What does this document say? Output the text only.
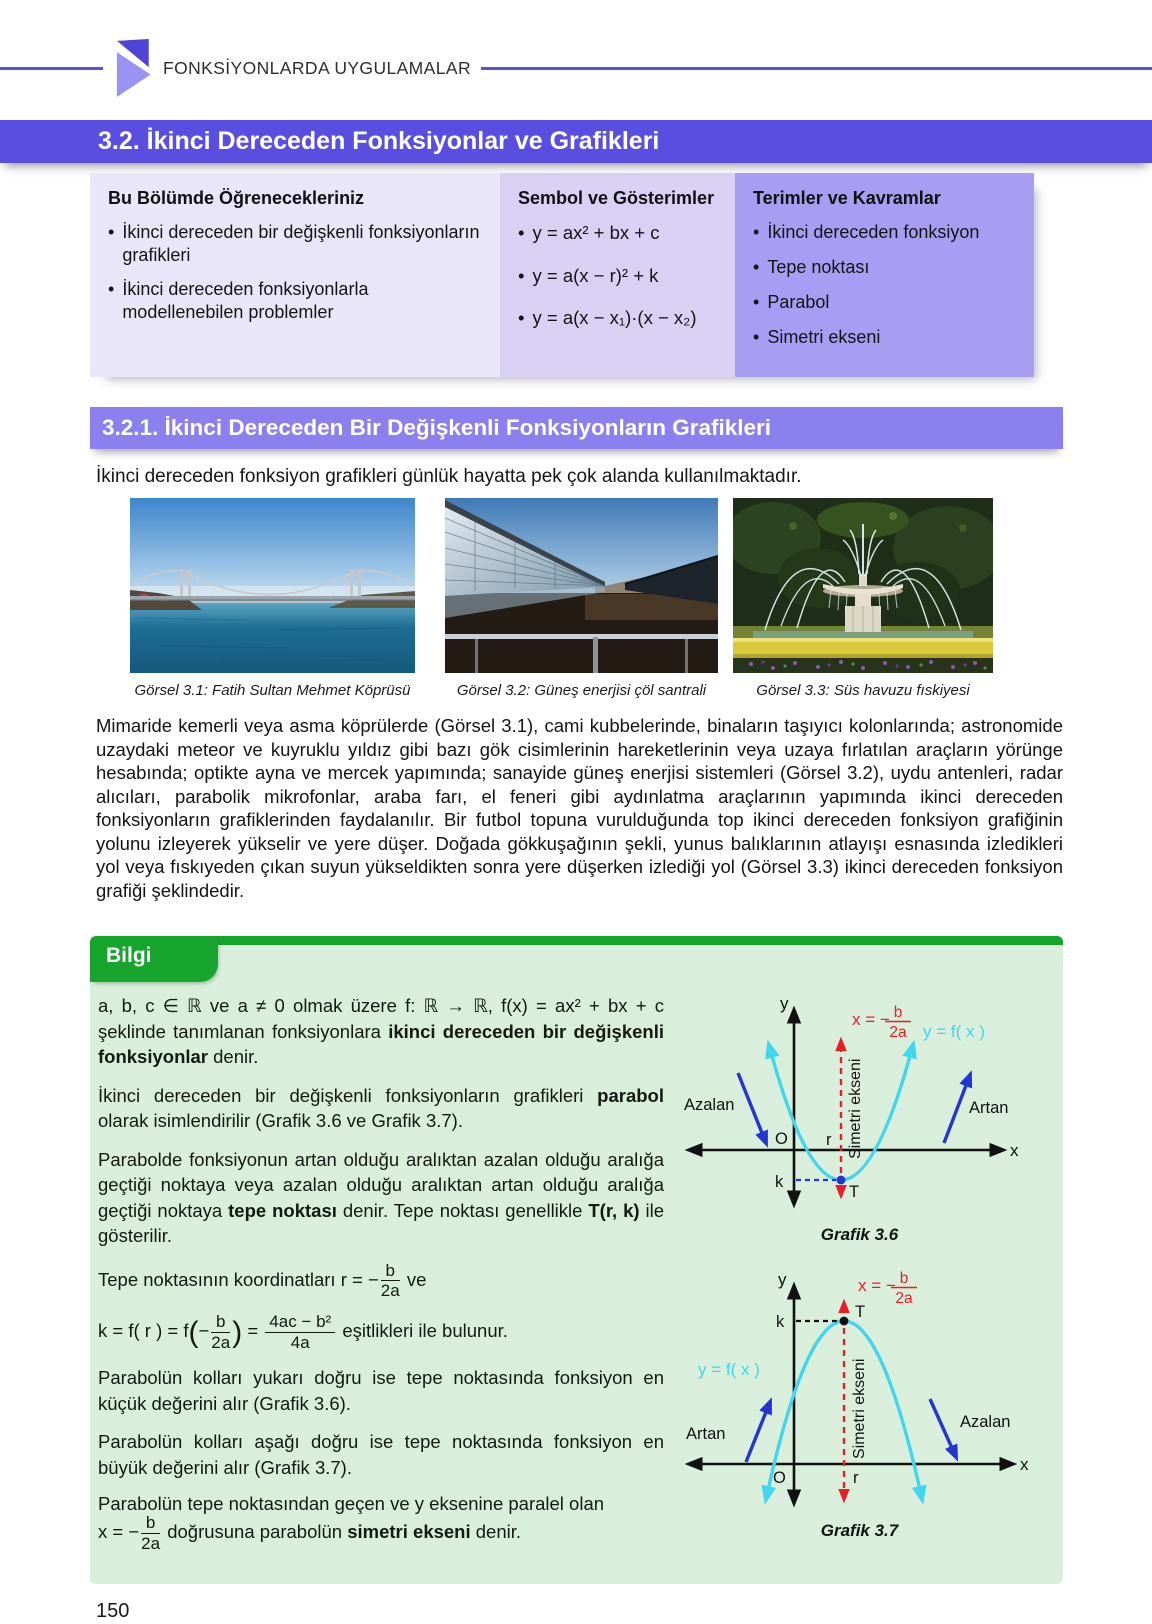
FONKSİYONLARDA UYGULAMALAR
3.2. İkinci Dereceden Fonksiyonlar ve Grafikleri
Bu Bölümde Öğrenecekleriniz
• İkinci dereceden bir değişkenli fonksiyonların grafikleri
• İkinci dereceden fonksiyonlarla modellenebilen problemler
Sembol ve Gösterimler
• y = ax² + bx + c
• y = a(x − r)² + k
• y = a(x − x₁)·(x − x₂)
Terimler ve Kavramlar
• İkinci dereceden fonksiyon
• Tepe noktası
• Parabol
• Simetri ekseni
3.2.1. İkinci Dereceden Bir Değişkenli Fonksiyonların Grafikleri

İkinci dereceden fonksiyon grafikleri günlük hayatta pek çok alanda kullanılmaktadır.

Görsel 3.1: Fatih Sultan Mehmet Köprüsü	Görsel 3.2: Güneş enerjisi çöl santrali	Görsel 3.3: Süs havuzu fıskiyesi

Mimaride kemerli veya asma köprülerde (Görsel 3.1), cami kubbelerinde, binaların taşıyıcı kolonlarında; astronomide uzaydaki meteor ve kuyruklu yıldız gibi bazı gök cisimlerinin hareketlerinin veya uzaya fırlatılan araçların yörünge hesabında; optikte ayna ve mercek yapımında; sanayide güneş enerjisi sistemleri (Görsel 3.2), uydu antenleri, radar alıcıları, parabolik mikrofonlar, araba farı, el feneri gibi aydınlatma araçlarının yapımında ikinci dereceden fonksiyonların grafiklerinden faydalanılır. Bir futbol topuna vurulduğunda top ikinci dereceden fonksiyon grafiğinin yolunu izleyerek yükselir ve yere düşer. Doğada gökkuşağının şekli, yunus balıklarının atlayışı esnasında izledikleri yol veya fıskıyeden çıkan suyun yükseldikten sonra yere düşerken izlediği yol (Görsel 3.3) ikinci dereceden fonksiyon grafiği şeklindedir.

Bilgi

a, b, c ∈ ℝ ve a ≠ 0 olmak üzere f: ℝ → ℝ, f(x) = ax² + bx + c şeklinde tanımlanan fonksiyonlara ikinci dereceden bir değişkenli fonksiyonlar denir.

İkinci dereceden bir değişkenli fonksiyonların grafikleri parabol olarak isimlendirilir (Grafik 3.6 ve Grafik 3.7).

Parabolde fonksiyonun artan olduğu aralıktan azalan olduğu aralığa geçtiği noktaya veya azalan olduğu aralıktan artan olduğu aralığa geçtiği noktaya tepe noktası denir. Tepe noktası genellikle T(r, k) ile gösterilir.

Tepe noktasının koordinatları r = − $\frac{b}{2a}$ ve

k = f( r ) = $f(- \frac{b}{2a}$ ) = $\frac{\text{4ac − b²}}{4a}$ eşitlikleri ile bulunur.

Parabolün kolları yukarı doğru ise tepe noktasında fonksiyon en küçük değerini alır (Grafik 3.6).

Parabolün kolları aşağı doğru ise tepe noktasında fonksiyon en büyük değerini alır (Grafik 3.7).

Parabolün tepe noktasından geçen ve y eksenine paralel olan
x = − $\frac{b}{2a}$ doğrusuna parabolün simetri ekseni denir.

y
x
O r
k
T
x = − b
2a
Simetri ekseni
y = f( x )
Azalan	Artan
Grafik 3.6
y
x
O	r
k
T
x = − b
2a
Simetri ekseni
y = f( x )
Artan
Azalan
Grafik 3.7
150
